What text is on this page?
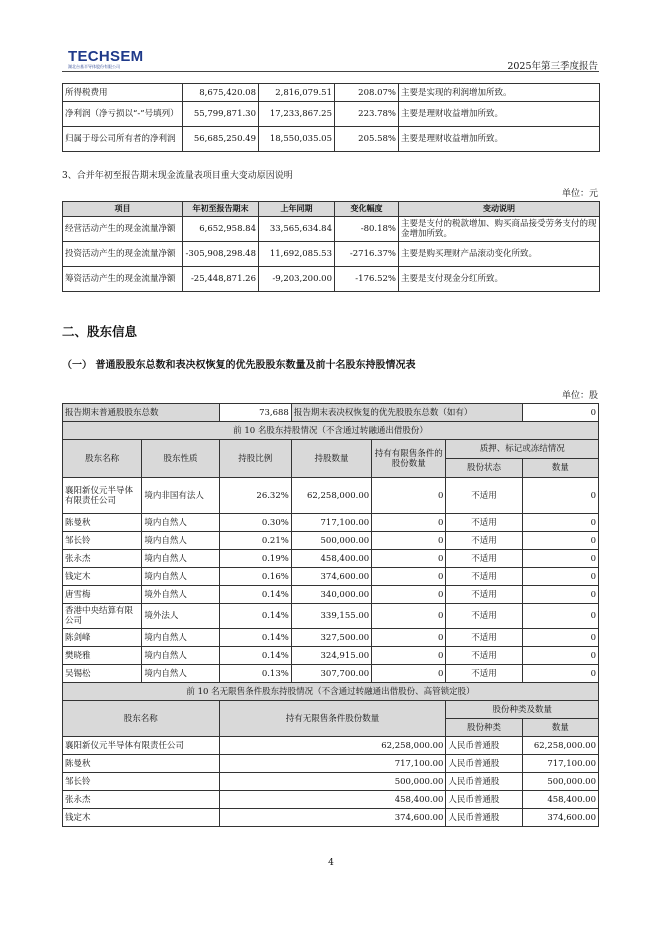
TECHSEM
湖北台基半导体股份有限公司	2025年第三季度报告
所得税费用	8,675,420.08	2,816,079.51	208.07%	主要是实现的利润增加所致。
净利润（净亏损以“-”号填列）	55,799,871.30	17,233,867.25	223.78%	主要是理财收益增加所致。
归属于母公司所有者的净利润	56,685,250.49	18,550,035.05	205.58%	主要是理财收益增加所致。
3、合并年初至报告期末现金流量表项目重大变动原因说明
单位：元
项目	年初至报告期末	上年同期	变化幅度	变动说明
经营活动产生的现金流量净额	6,652,958.84	33,565,634.84	-80.18%	主要是支付的税款增加、购买商品接受劳务支付的现金增加所致。
投资活动产生的现金流量净额	-305,908,298.48	11,692,085.53	-2716.37%	主要是购买理财产品滚动变化所致。
筹资活动产生的现金流量净额	-25,448,871.26	-9,203,200.00	-176.52%	主要是支付现金分红所致。
二、股东信息
（一） 普通股股东总数和表决权恢复的优先股股东数量及前十名股东持股情况表
单位：股
报告期末普通股股东总数		73,688	报告期末表决权恢复的优先股股东总数（如有）			0
前 10 名股东持股情况（不含通过转融通出借股份）						
股东名称	股东性质	持股比例	持股数量	持有有限售条件的股份数量	质押、标记或冻结情况	
					股份状态	数量
襄阳新仪元半导体有限责任公司	境内非国有法人	26.32%	62,258,000.00	0	不适用	0
陈曼秋	境内自然人	0.30%	717,100.00	0	不适用	0
邹长铃	境内自然人	0.21%	500,000.00	0	不适用	0
张永杰	境内自然人	0.19%	458,400.00	0	不适用	0
钱定木	境内自然人	0.16%	374,600.00	0	不适用	0
唐雪梅	境外自然人	0.14%	340,000.00	0	不适用	0
香港中央结算有限公司	境外法人	0.14%	339,155.00	0	不适用	0
陈剑峰	境内自然人	0.14%	327,500.00	0	不适用	0
樊晓雅	境内自然人	0.14%	324,915.00	0	不适用	0
吴锡松	境内自然人	0.13%	307,700.00	0	不适用	0
前 10 名无限售条件股东持股情况（不含通过转融通出借股份、高管锁定股）						
股东名称		持有无限售条件股份数量			股份种类及数量	
					股份种类	数量
襄阳新仪元半导体有限责任公司		62,258,000.00			人民币普通股	62,258,000.00
陈曼秋		717,100.00			人民币普通股	717,100.00
邹长铃		500,000.00			人民币普通股	500,000.00
张永杰		458,400.00			人民币普通股	458,400.00
钱定木		374,600.00			人民币普通股	374,600.00
4
